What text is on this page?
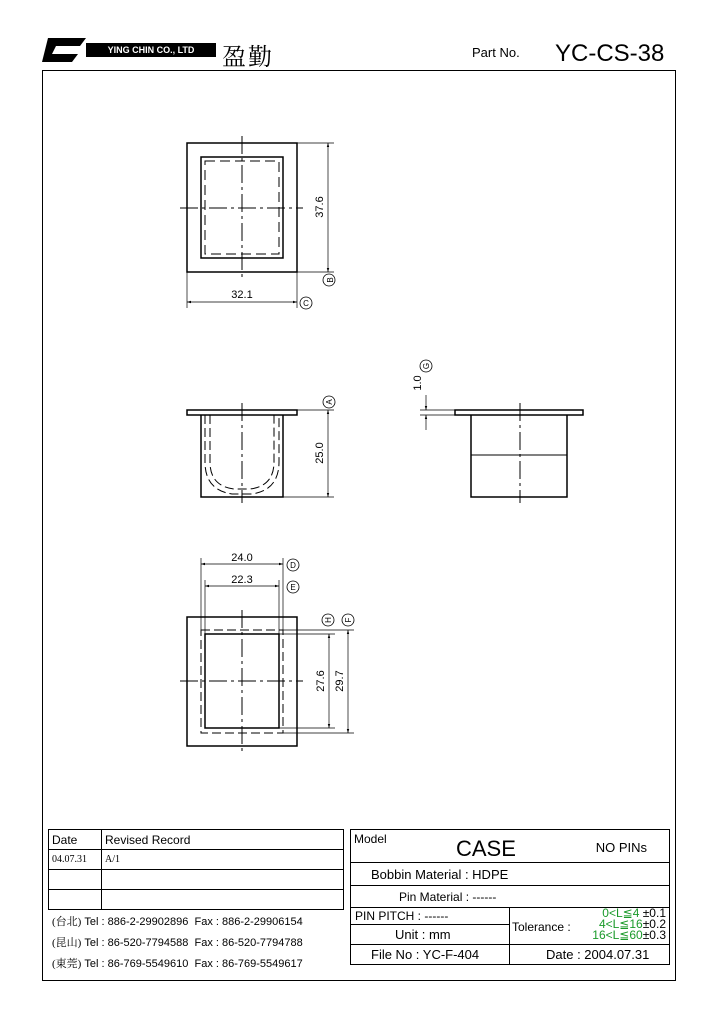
YING CHIN CO., LTD	盈勤	Part No. YC-CS-38
37.6
32.1
B
C
25.0
A
1.0
G
24.0
22.3
D
E
27.6 29.7
H F
Date	Revised Record
04.07.31	A/1

(台北) Tel : 886-2-29902896 Fax : 886-2-29906154
(昆山) Tel : 86-520-7794588 Fax : 86-520-7794788
(東莞) Tel : 86-769-5549610 Fax : 86-769-5549617
Model CASE NO PINs	

Bobbin Material : HDPE	
Pin Material : ------	
PIN PITCH : ------	Tolerance :
0<L≦4 ±0.1
4<L≦16±0.2
16<L≦60±0.3

Unit : mm	
File No : YC-F-404	Date : 2004.07.31
